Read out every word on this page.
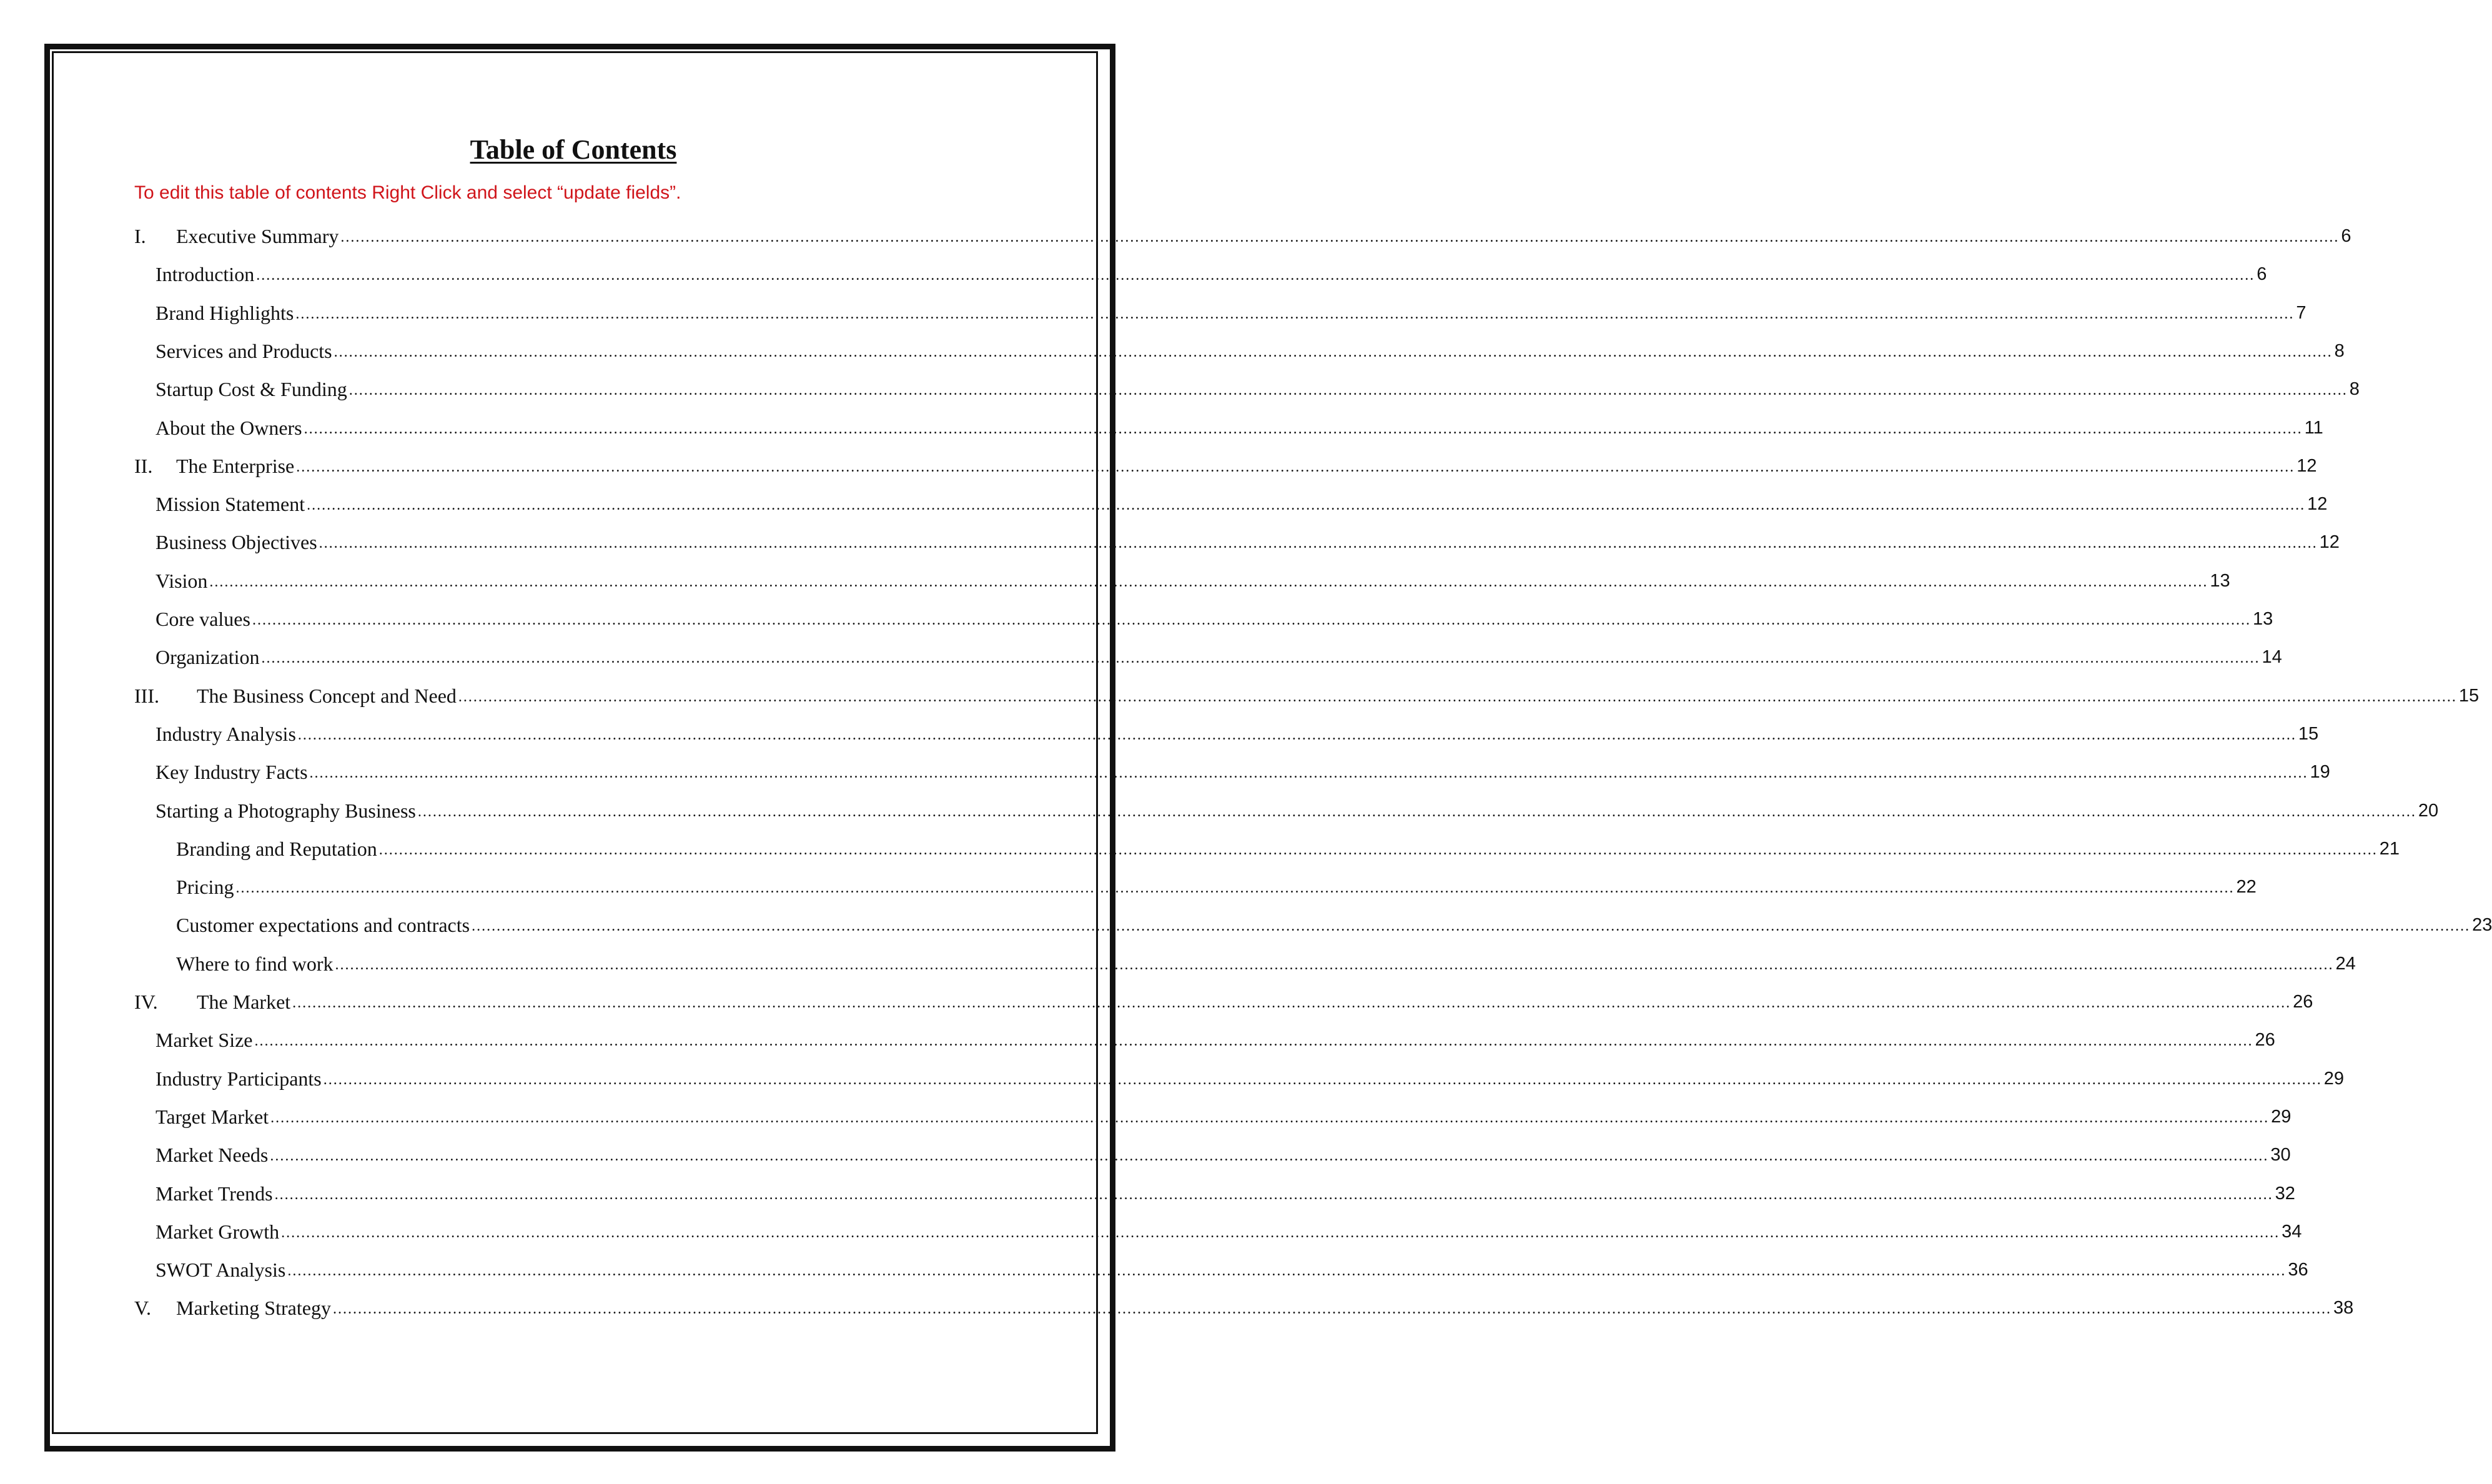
Table of Contents
To edit this table of contents Right Click and select “update fields”.
I.	Executive Summary ................................................................................................................................................................................................................................................................................................................................................................................................................ 6
Introduction ................................................................................................................................................................................................................................................................................................................................................................................................................ 6
Brand Highlights ................................................................................................................................................................................................................................................................................................................................................................................................................ 7
Services and Products ................................................................................................................................................................................................................................................................................................................................................................................................................ 8
Startup Cost & Funding ................................................................................................................................................................................................................................................................................................................................................................................................................ 8
About the Owners ................................................................................................................................................................................................................................................................................................................................................................................................................ 11
II.	The Enterprise ................................................................................................................................................................................................................................................................................................................................................................................................................ 12
Mission Statement ................................................................................................................................................................................................................................................................................................................................................................................................................ 12
Business Objectives ................................................................................................................................................................................................................................................................................................................................................................................................................ 12
Vision ................................................................................................................................................................................................................................................................................................................................................................................................................ 13
Core values ................................................................................................................................................................................................................................................................................................................................................................................................................ 13
Organization ................................................................................................................................................................................................................................................................................................................................................................................................................ 14
III.	The Business Concept and Need ................................................................................................................................................................................................................................................................................................................................................................................................................ 15
Industry Analysis ................................................................................................................................................................................................................................................................................................................................................................................................................ 15
Key Industry Facts ................................................................................................................................................................................................................................................................................................................................................................................................................ 19
Starting a Photography Business ................................................................................................................................................................................................................................................................................................................................................................................................................ 20
Branding and Reputation ................................................................................................................................................................................................................................................................................................................................................................................................................ 21
Pricing ................................................................................................................................................................................................................................................................................................................................................................................................................ 22
Customer expectations and contracts ................................................................................................................................................................................................................................................................................................................................................................................................................ 23
Where to find work ................................................................................................................................................................................................................................................................................................................................................................................................................ 24
IV.	The Market ................................................................................................................................................................................................................................................................................................................................................................................................................ 26
Market Size ................................................................................................................................................................................................................................................................................................................................................................................................................ 26
Industry Participants ................................................................................................................................................................................................................................................................................................................................................................................................................ 29
Target Market ................................................................................................................................................................................................................................................................................................................................................................................................................ 29
Market Needs ................................................................................................................................................................................................................................................................................................................................................................................................................ 30
Market Trends ................................................................................................................................................................................................................................................................................................................................................................................................................ 32
Market Growth ................................................................................................................................................................................................................................................................................................................................................................................................................ 34
SWOT Analysis ................................................................................................................................................................................................................................................................................................................................................................................................................ 36
V.	Marketing Strategy ................................................................................................................................................................................................................................................................................................................................................................................................................ 38
